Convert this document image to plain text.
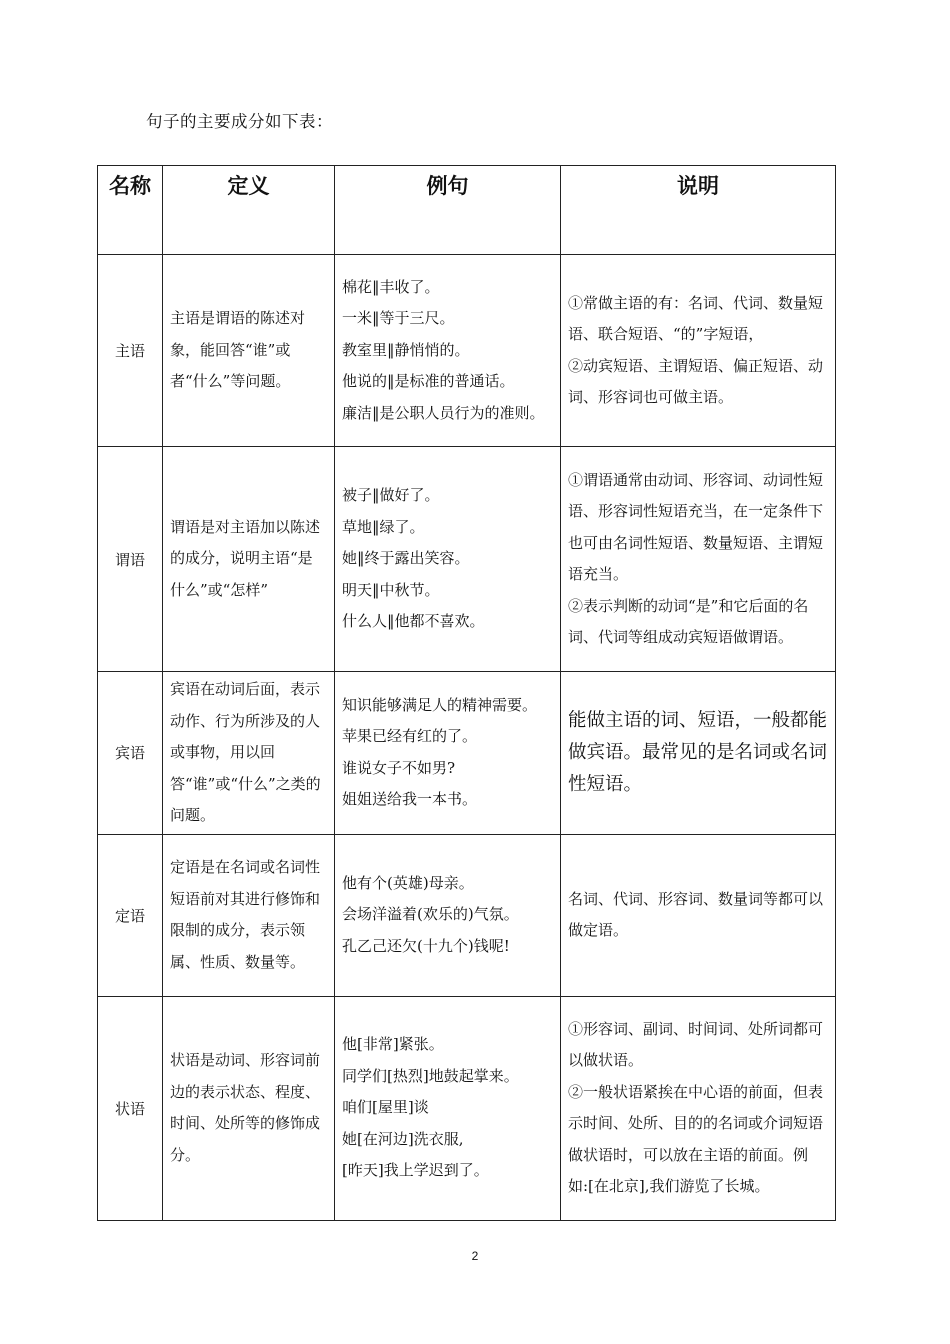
句子的主要成分如下表：
名称	定义	例句	说明
主语	主语是谓语的陈述对象，能回答“谁”或者“什么”等问题。	棉花‖丰收了。
一米‖等于三尺。
教室里‖静悄悄的。
他说的‖是标准的普通话。
廉洁‖是公职人员行为的准则。	①常做主语的有：名词、代词、数量短语、联合短语、“的”字短语，
②动宾短语、主谓短语、偏正短语、动词、形容词也可做主语。

谓语	谓语是对主语加以陈述的成分，说明主语“是什么”或“怎样”	被子‖做好了。
草地‖绿了。
她‖终于露出笑容。
明天‖中秋节。
什么人‖他都不喜欢。	①谓语通常由动词、形容词、动词性短语、形容词性短语充当，在一定条件下也可由名词性短语、数量短语、主谓短语充当。
②表示判断的动词“是”和它后面的名词、代词等组成动宾短语做谓语。

宾语	宾语在动词后面，表示动作、行为所涉及的人或事物，用以回答“谁”或“什么”之类的问题。	知识能够满足人的精神需要。
苹果已经有红的了。
谁说女子不如男?
姐姐送给我一本书。	能做主语的词、短语，一般都能做宾语。最常见的是名词或名词性短语。

定语	定语是在名词或名词性短语前对其进行修饰和限制的成分，表示领属、性质、数量等。	他有个(英雄)母亲。
会场洋溢着(欢乐的)气氛。
孔乙己还欠(十九个)钱呢!	名词、代词、形容词、数量词等都可以做定语。

状语	状语是动词、形容词前边的表示状态、程度、时间、处所等的修饰成分。	他[非常]紧张。
同学们[热烈]地鼓起掌来。
咱们[屋里]谈
她[在河边]洗衣服,
[昨天]我上学迟到了。	①形容词、副词、时间词、处所词都可以做状语。
②一般状语紧挨在中心语的前面，但表示时间、处所、目的的名词或介词短语做状语时，可以放在主语的前面。例如:[在北京],我们游览了长城。
2
